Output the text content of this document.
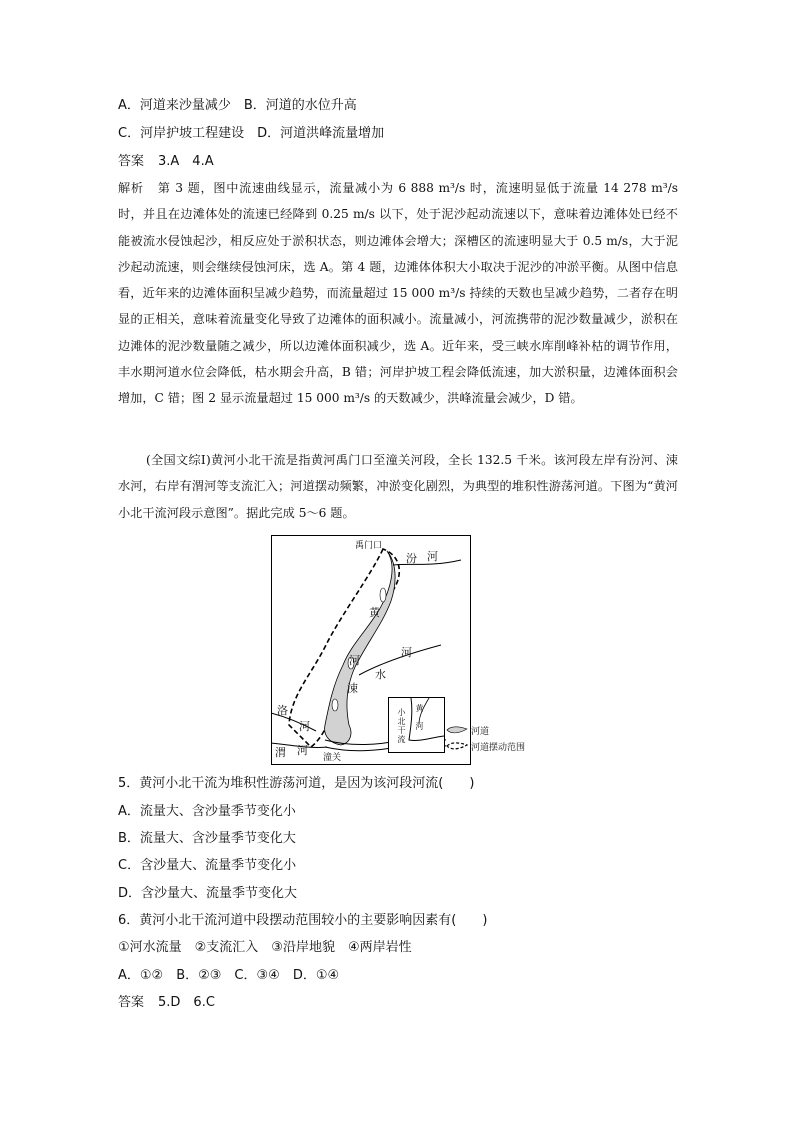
A．河道来沙量减少　B．河道的水位升高
C．河岸护坡工程建设　D．河道洪峰流量增加
答案 3.A　4.A
解析 第 3 题，图中流速曲线显示，流量减小为 6 888 m³/s 时，流速明显低于流量 14 278 m³/s 时，并且在边滩体处的流速已经降到 0.25 m/s 以下，处于泥沙起动流速以下，意味着边滩体处已经不能被流水侵蚀起沙，相反应处于淤积状态，则边滩体会增大；深槽区的流速明显大于 0.5 m/s，大于泥沙起动流速，则会继续侵蚀河床，选 A。第 4 题，边滩体体积大小取决于泥沙的冲淤平衡。从图中信息看，近年来的边滩体面积呈减少趋势，而流量超过 15 000 m³/s 持续的天数也呈减少趋势，二者存在明显的正相关，意味着流量变化导致了边滩体的面积减小。流量减小，河流携带的泥沙数量减少，淤积在边滩体的泥沙数量随之减少，所以边滩体面积减少，选 A。近年来，受三峡水库削峰补枯的调节作用，丰水期河道水位会降低，枯水期会升高，B 错；河岸护坡工程会降低流速，加大淤积量，边滩体面积会增加，C 错；图 2 显示流量超过 15 000 m³/s 的天数减少，洪峰流量会减少，D 错。
(全国文综Ⅰ)黄河小北干流是指黄河禹门口至潼关河段，全长 132.5 千米。该河段左岸有汾河、涑水河，右岸有渭河等支流汇入；河道摆动频繁，冲淤变化剧烈，为典型的堆积性游荡河道。下图为“黄河小北干流河段示意图”。据此完成 5～6 题。
禹门口
汾 河
黄
河
涑
河
水
洛
河
渭 河
潼关
小
北
干
流
黄
河	河道
河道摆动范围
5．黄河小北干流为堆积性游荡河道，是因为该河段河流(　　)
A．流量大、含沙量季节变化小
B．流量大、含沙量季节变化大
C．含沙量大、流量季节变化小
D．含沙量大、流量季节变化大
6．黄河小北干流河道中段摆动范围较小的主要影响因素有(　　)
①河水流量　②支流汇入　③沿岸地貌　④两岸岩性
A．①②　B．②③　C．③④　D．①④
答案 5.D　6.C
